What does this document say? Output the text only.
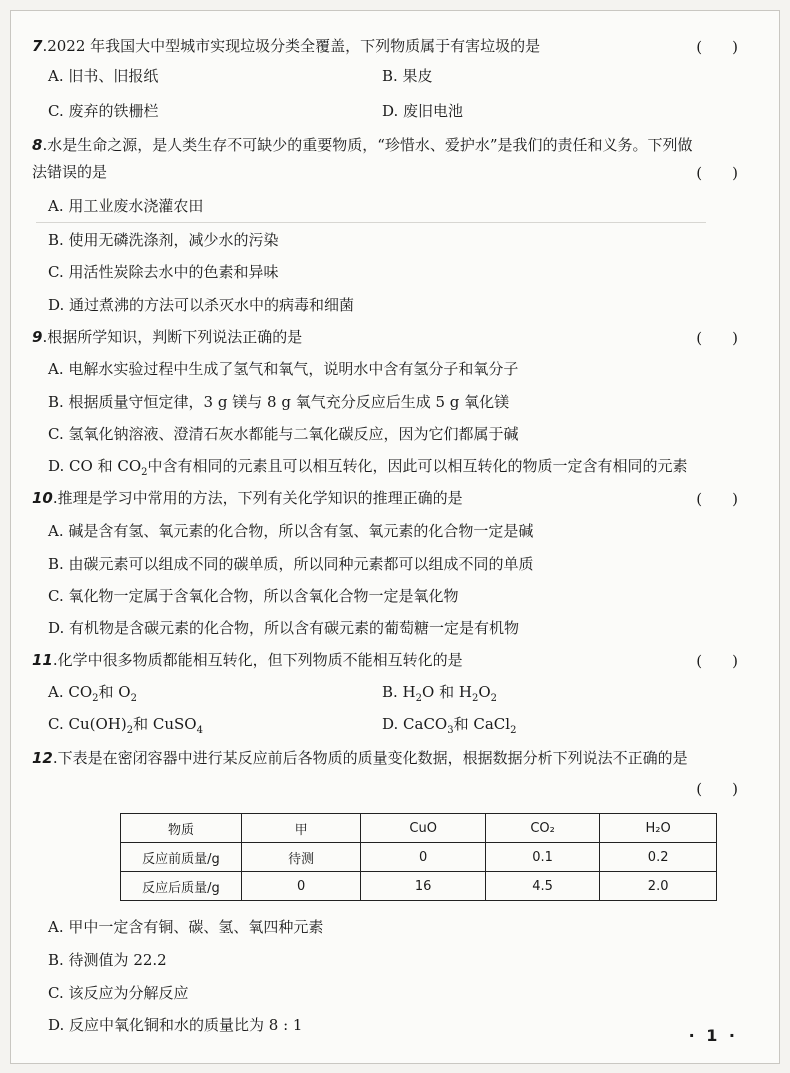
7.2022 年我国大中型城市实现垃圾分类全覆盖，下列物质属于有害垃圾的是	(　　)
A. 旧书、旧报纸	B. 果皮
C. 废弃的铁栅栏	D. 废旧电池
8.水是生命之源，是人类生存不可缺少的重要物质，“珍惜水、爱护水”是我们的责任和义务。下列做
法错误的是	(　　)
A. 用工业废水浇灌农田
B. 使用无磷洗涤剂，减少水的污染
C. 用活性炭除去水中的色素和异味
D. 通过煮沸的方法可以杀灭水中的病毒和细菌
9.根据所学知识，判断下列说法正确的是	(　　)
A. 电解水实验过程中生成了氢气和氧气，说明水中含有氢分子和氧分子
B. 根据质量守恒定律，3 g 镁与 8 g 氧气充分反应后生成 5 g 氧化镁
C. 氢氧化钠溶液、澄清石灰水都能与二氧化碳反应，因为它们都属于碱
D. CO 和 $CO_2$中含有相同的元素且可以相互转化，因此可以相互转化的物质一定含有相同的元素
10.推理是学习中常用的方法，下列有关化学知识的推理正确的是	(　　)
A. 碱是含有氢、氧元素的化合物，所以含有氢、氧元素的化合物一定是碱
B. 由碳元素可以组成不同的碳单质，所以同种元素都可以组成不同的单质
C. 氧化物一定属于含氧化合物，所以含氧化合物一定是氧化物
D. 有机物是含碳元素的化合物，所以含有碳元素的葡萄糖一定是有机物
11.化学中很多物质都能相互转化，但下列物质不能相互转化的是	(　　)
A. $CO_2$和 $O_2$	B. $H_2O$ 和 $H_2O_2$
C. $Cu(OH)_2$和 CuSO$_4$	D. CaCO$_3$和 CaCl$_2$
12.下表是在密闭容器中进行某反应前后各物质的质量变化数据，根据数据分析下列说法不正确的是
(　　)
物质	甲	CuO	CO₂	H₂O
反应前质量/g	待测	0	0.1	0.2
反应后质量/g	0	16	4.5	2.0
A. 甲中一定含有铜、碳、氢、氧四种元素
B. 待测值为 22.2
C. 该反应为分解反应
D. 反应中氧化铜和水的质量比为 8 : 1
· 1 ·
